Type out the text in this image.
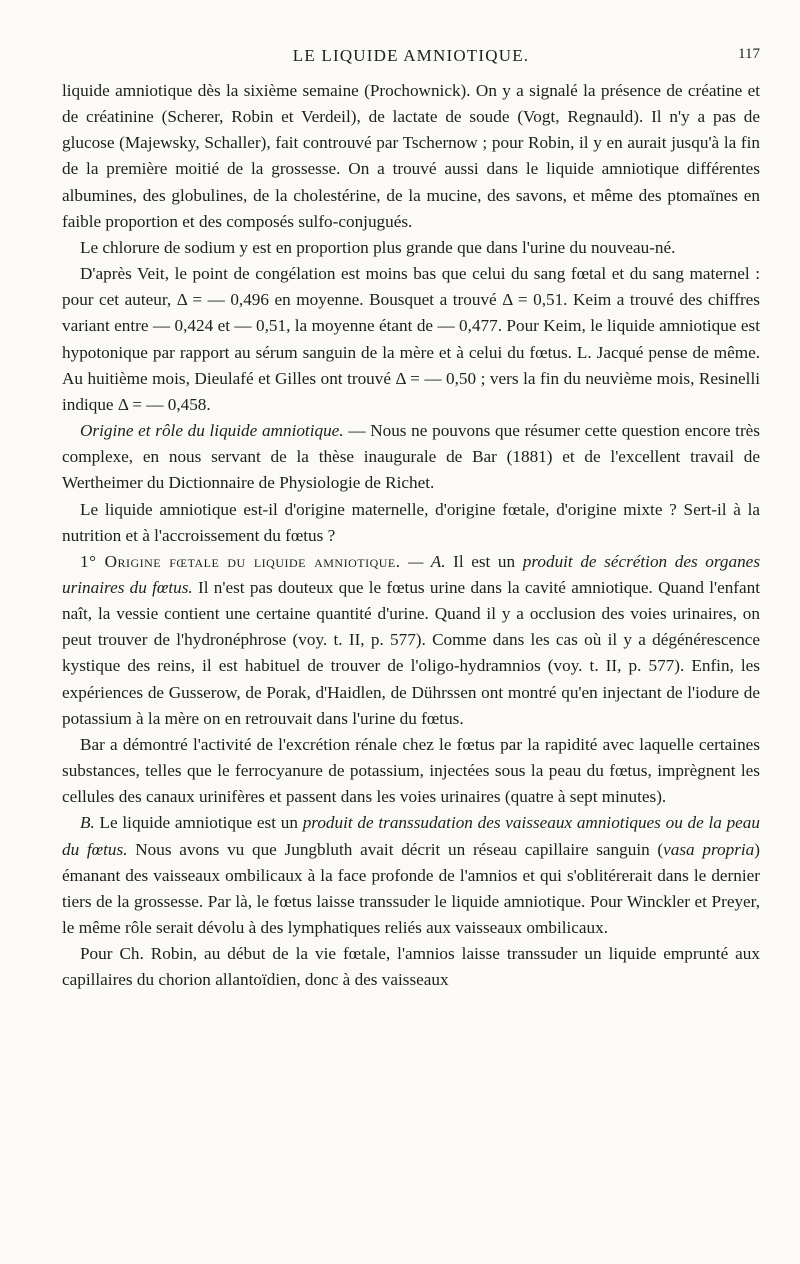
LE LIQUIDE AMNIOTIQUE.	117

liquide amniotique dès la sixième semaine (Prochownick). On y a signalé la présence de créatine et de créatinine (Scherer, Robin et Verdeil), de lactate de soude (Vogt, Regnauld). Il n'y a pas de glucose (Majewsky, Schaller), fait controuvé par Tschernow ; pour Robin, il y en aurait jusqu'à la fin de la première moitié de la grossesse. On a trouvé aussi dans le liquide amniotique différentes albumines, des globulines, de la cholestérine, de la mucine, des savons, et même des ptomaïnes en faible proportion et des composés sulfo-conjugués.

Le chlorure de sodium y est en proportion plus grande que dans l'urine du nouveau-né.

D'après Veit, le point de congélation est moins bas que celui du sang fœtal et du sang maternel : pour cet auteur, Δ = — 0,496 en moyenne. Bousquet a trouvé Δ = 0,51. Keim a trouvé des chiffres variant entre — 0,424 et — 0,51, la moyenne étant de — 0,477. Pour Keim, le liquide amniotique est hypotonique par rapport au sérum sanguin de la mère et à celui du fœtus. L. Jacqué pense de même. Au huitième mois, Dieulafé et Gilles ont trouvé Δ = — 0,50 ; vers la fin du neuvième mois, Resinelli indique Δ = — 0,458.

Origine et rôle du liquide amniotique. — Nous ne pouvons que résumer cette question encore très complexe, en nous servant de la thèse inaugurale de Bar (1881) et de l'excellent travail de Wertheimer du Dictionnaire de Physiologie de Richet.

Le liquide amniotique est-il d'origine maternelle, d'origine fœtale, d'origine mixte ? Sert-il à la nutrition et à l'accroissement du fœtus ?

1° Origine fœtale du liquide amniotique. — A. Il est un produit de sécrétion des organes urinaires du fœtus. Il n'est pas douteux que le fœtus urine dans la cavité amniotique. Quand l'enfant naît, la vessie contient une certaine quantité d'urine. Quand il y a occlusion des voies urinaires, on peut trouver de l'hydronéphrose (voy. t. II, p. 577). Comme dans les cas où il y a dégénérescence kystique des reins, il est habituel de trouver de l'oligo-hydramnios (voy. t. II, p. 577). Enfin, les expériences de Gusserow, de Porak, d'Haidlen, de Dührssen ont montré qu'en injectant de l'iodure de potassium à la mère on en retrouvait dans l'urine du fœtus.

Bar a démontré l'activité de l'excrétion rénale chez le fœtus par la rapidité avec laquelle certaines substances, telles que le ferrocyanure de potassium, injectées sous la peau du fœtus, imprègnent les cellules des canaux urinifères et passent dans les voies urinaires (quatre à sept minutes).

B. Le liquide amniotique est un produit de transsudation des vaisseaux amniotiques ou de la peau du fœtus. Nous avons vu que Jungbluth avait décrit un réseau capillaire sanguin (vasa propria) émanant des vaisseaux ombilicaux à la face profonde de l'amnios et qui s'oblitérerait dans le dernier tiers de la grossesse. Par là, le fœtus laisse transsuder le liquide amniotique. Pour Winckler et Preyer, le même rôle serait dévolu à des lymphatiques reliés aux vaisseaux ombilicaux.

Pour Ch. Robin, au début de la vie fœtale, l'amnios laisse transsuder un liquide emprunté aux capillaires du chorion allantoïdien, donc à des vaisseaux
